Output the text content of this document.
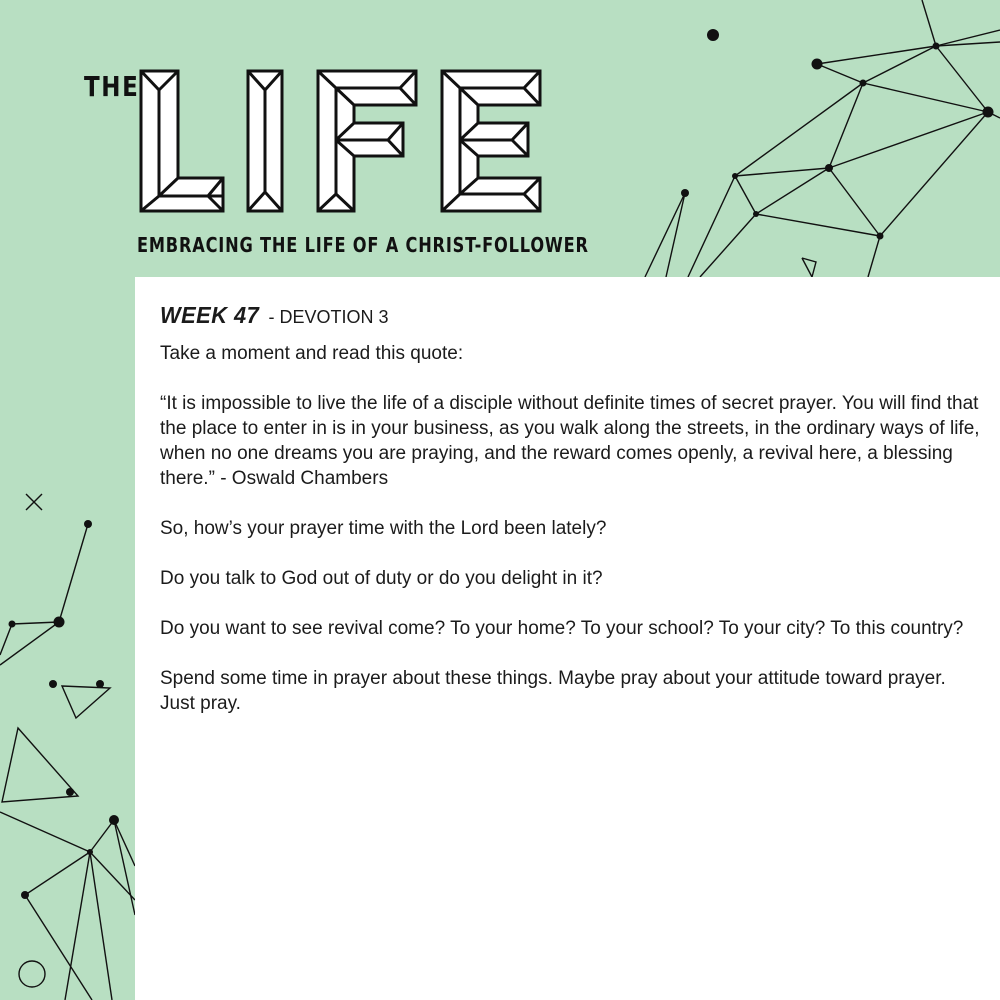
THE
EMBRACING THE LIFE OF A CHRIST-FOLLOWER
WEEK 47 - DEVOTION 3

Take a moment and read this quote:

“It is impossible to live the life of a disciple without definite times of secret prayer. You will find that the place to enter in is in your business, as you walk along the streets, in the ordinary ways of life, when no one dreams you are praying, and the reward comes openly, a revival here, a blessing there.” - Oswald Chambers

So, how’s your prayer time with the Lord been lately?

Do you talk to God out of duty or do you delight in it?

Do you want to see revival come? To your home? To your school? To your city? To this country?

Spend some time in prayer about these things. Maybe pray about your attitude toward prayer. Just pray.
